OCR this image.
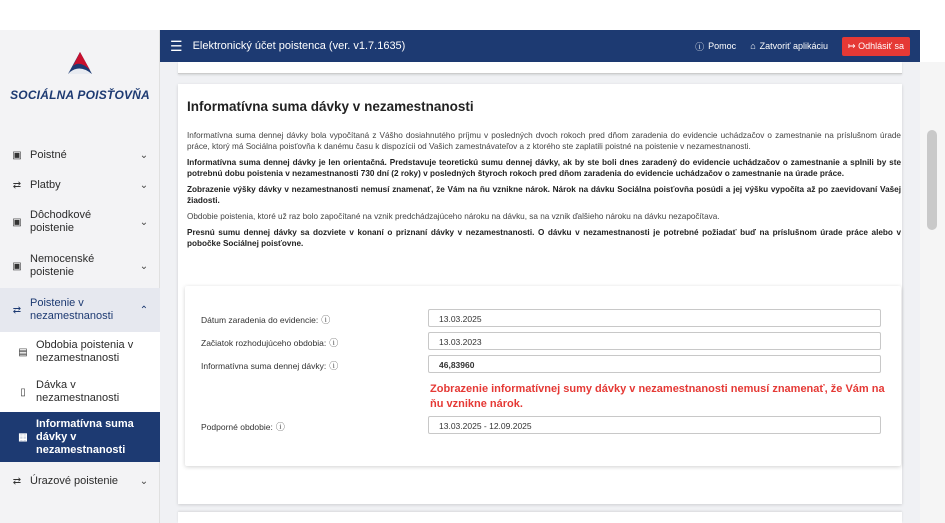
SOCIÁLNA POISŤOVŇA
▣ Poistné	⌄
⇄ Platby	⌄
▣
Dôchodkové poistenie	⌄
▣
Nemocenské poistenie	⌄
⇄
Poistenie v nezamestnanosti	⌃
▤
Obdobia poistenia v nezamestnanosti
▯
Dávka v nezamestnanosti
▦
Informatívna suma dávky v nezamestnanosti
⇄ Úrazové poistenie	⌄
☰ Elektronický účet poistenca (ver. v1.7.1635)	ⓘ Pomoc ⌂ Zatvoriť aplikáciu	↦ Odhlásiť sa
Informatívna suma dávky v nezamestnanosti

Informatívna suma dennej dávky bola vypočítaná z Vášho dosiahnutého príjmu v posledných dvoch rokoch pred dňom zaradenia do evidencie uchádzačov o zamestnanie na príslušnom úrade práce, ktorý má Sociálna poisťovňa k danému času k dispozícii od Vašich zamestnávateľov a z ktorého ste zaplatili poistné na poistenie v nezamestnanosti.

Informatívna suma dennej dávky je len orientačná. Predstavuje teoretickú sumu dennej dávky, ak by ste boli dnes zaradený do evidencie uchádzačov o zamestnanie a splnili by ste potrebnú dobu poistenia v nezamestnanosti 730 dní (2 roky) v posledných štyroch rokoch pred dňom zaradenia do evidencie uchádzačov o zamestnanie na úrade práce.

Zobrazenie výšky dávky v nezamestnanosti nemusí znamenať, že Vám na ňu vznikne nárok. Nárok na dávku Sociálna poisťovňa posúdi a jej výšku vypočíta až po zaevidovaní Vašej žiadosti.

Obdobie poistenia, ktoré už raz bolo započítané na vznik predchádzajúceho nároku na dávku, sa na vznik ďalšieho nároku na dávku nezapočítava.

Presnú sumu dennej dávky sa dozviete v konaní o priznaní dávky v nezamestnanosti. O dávku v nezamestnanosti je potrebné požiadať buď na príslušnom úrade práce alebo v pobočke Sociálnej poisťovne.

Dátum zaradenia do evidencie: ⓘ	13.03.2025
Začiatok rozhodujúceho obdobia: ⓘ	13.03.2023
Informatívna suma dennej dávky: ⓘ	46,83960
Zobrazenie informatívnej sumy dávky v nezamestnanosti nemusí znamenať, že Vám na ňu vznikne nárok.
Podporné obdobie: ⓘ	13.03.2025 - 12.09.2025
